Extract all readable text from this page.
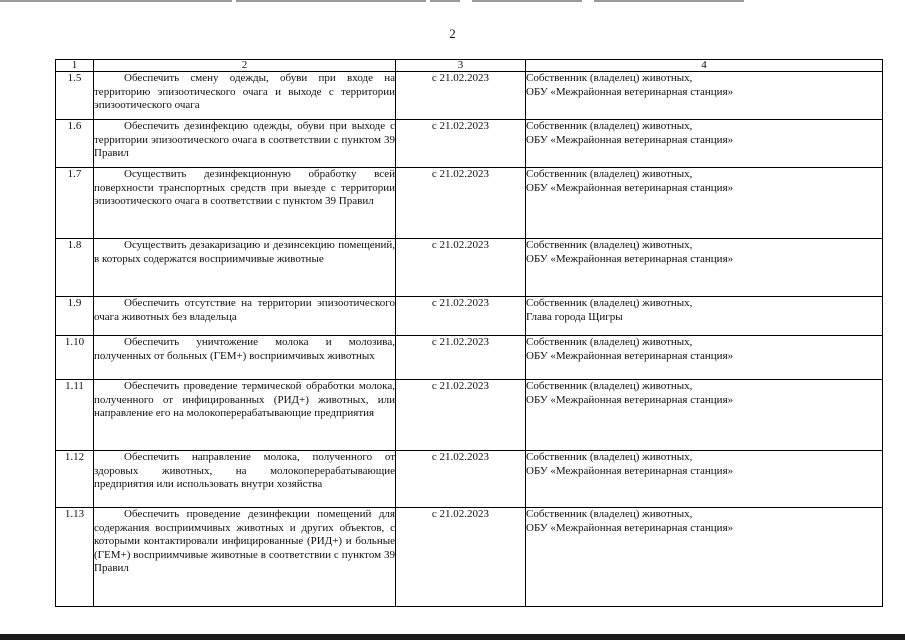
2
1	2	3	4
1.5	Обеспечить смену одежды, обуви при входе на территорию эпизоотического очага и выходе с территории эпизоотического очага	с 21.02.2023	Собственник (владелец) животных,
ОБУ «Межрайонная ветеринарная станция»

1.6	Обеспечить дезинфекцию одежды, обуви при выходе с территории эпизоотического очага в соответствии с пунктом 39 Правил	с 21.02.2023	Собственник (владелец) животных,
ОБУ «Межрайонная ветеринарная станция»

1.7	Осуществить дезинфекционную обработку всей поверхности транспортных средств при выезде с территории эпизоотического очага в соответствии с пунктом 39 Правил	с 21.02.2023	Собственник (владелец) животных,
ОБУ «Межрайонная ветеринарная станция»

1.8	Осуществить дезакаризацию и дезинсекцию помещений, в которых содержатся восприимчивые животные	с 21.02.2023	Собственник (владелец) животных,
ОБУ «Межрайонная ветеринарная станция»

1.9	Обеспечить отсутствие на территории эпизоотического очага животных без владельца	с 21.02.2023	Собственник (владелец) животных,
Глава города Щигры

1.10	Обеспечить уничтожение молока и молозива, полученных от больных (ГЕМ+) восприимчивых животных	с 21.02.2023	Собственник (владелец) животных,
ОБУ «Межрайонная ветеринарная станция»

1.11	Обеспечить проведение термической обработки молока, полученного от инфицированных (РИД+) животных, или направление его на молокоперерабатывающие предприятия	с 21.02.2023	Собственник (владелец) животных,
ОБУ «Межрайонная ветеринарная станция»

1.12	Обеспечить направление молока, полученного от здоровых животных, на молокоперерабатывающие предприятия или использовать внутри хозяйства	с 21.02.2023	Собственник (владелец) животных,
ОБУ «Межрайонная ветеринарная станция»

1.13	Обеспечить проведение дезинфекции помещений для содержания восприимчивых животных и других объектов, с которыми контактировали инфицированные (РИД+) и больные (ГЕМ+) восприимчивые животные в соответствии с пунктом 39 Правил	с 21.02.2023	Собственник (владелец) животных,
ОБУ «Межрайонная ветеринарная станция»
